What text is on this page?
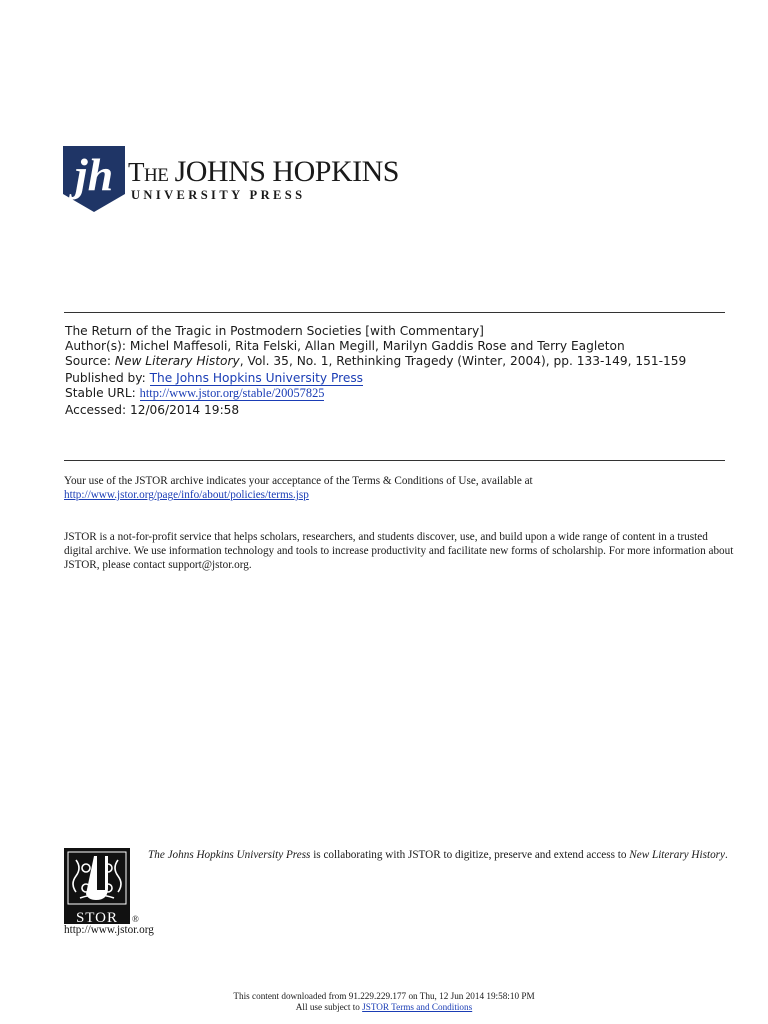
jh The JOHNS HOPKINS
UNIVERSITY PRESS
The Return of the Tragic in Postmodern Societies [with Commentary]
Author(s): Michel Maffesoli, Rita Felski, Allan Megill, Marilyn Gaddis Rose and Terry Eagleton
Source: New Literary History, Vol. 35, No. 1, Rethinking Tragedy (Winter, 2004), pp. 133-149, 151-159
Published by: The Johns Hopkins University Press
Stable URL: http://www.jstor.org/stable/20057825
Accessed: 12/06/2014 19:58
Your use of the JSTOR archive indicates your acceptance of the Terms & Conditions of Use, available at
http://www.jstor.org/page/info/about/policies/terms.jsp
JSTOR is a not-for-profit service that helps scholars, researchers, and students discover, use, and build upon a wide range of content in a trusted digital archive. We use information technology and tools to increase productivity and facilitate new forms of scholarship. For more information about JSTOR, please contact support@jstor.org.
STOR ®
The Johns Hopkins University Press is collaborating with JSTOR to digitize, preserve and extend access to New Literary History.
http://www.jstor.org
This content downloaded from 91.229.229.177 on Thu, 12 Jun 2014 19:58:10 PM
All use subject to JSTOR Terms and Conditions
